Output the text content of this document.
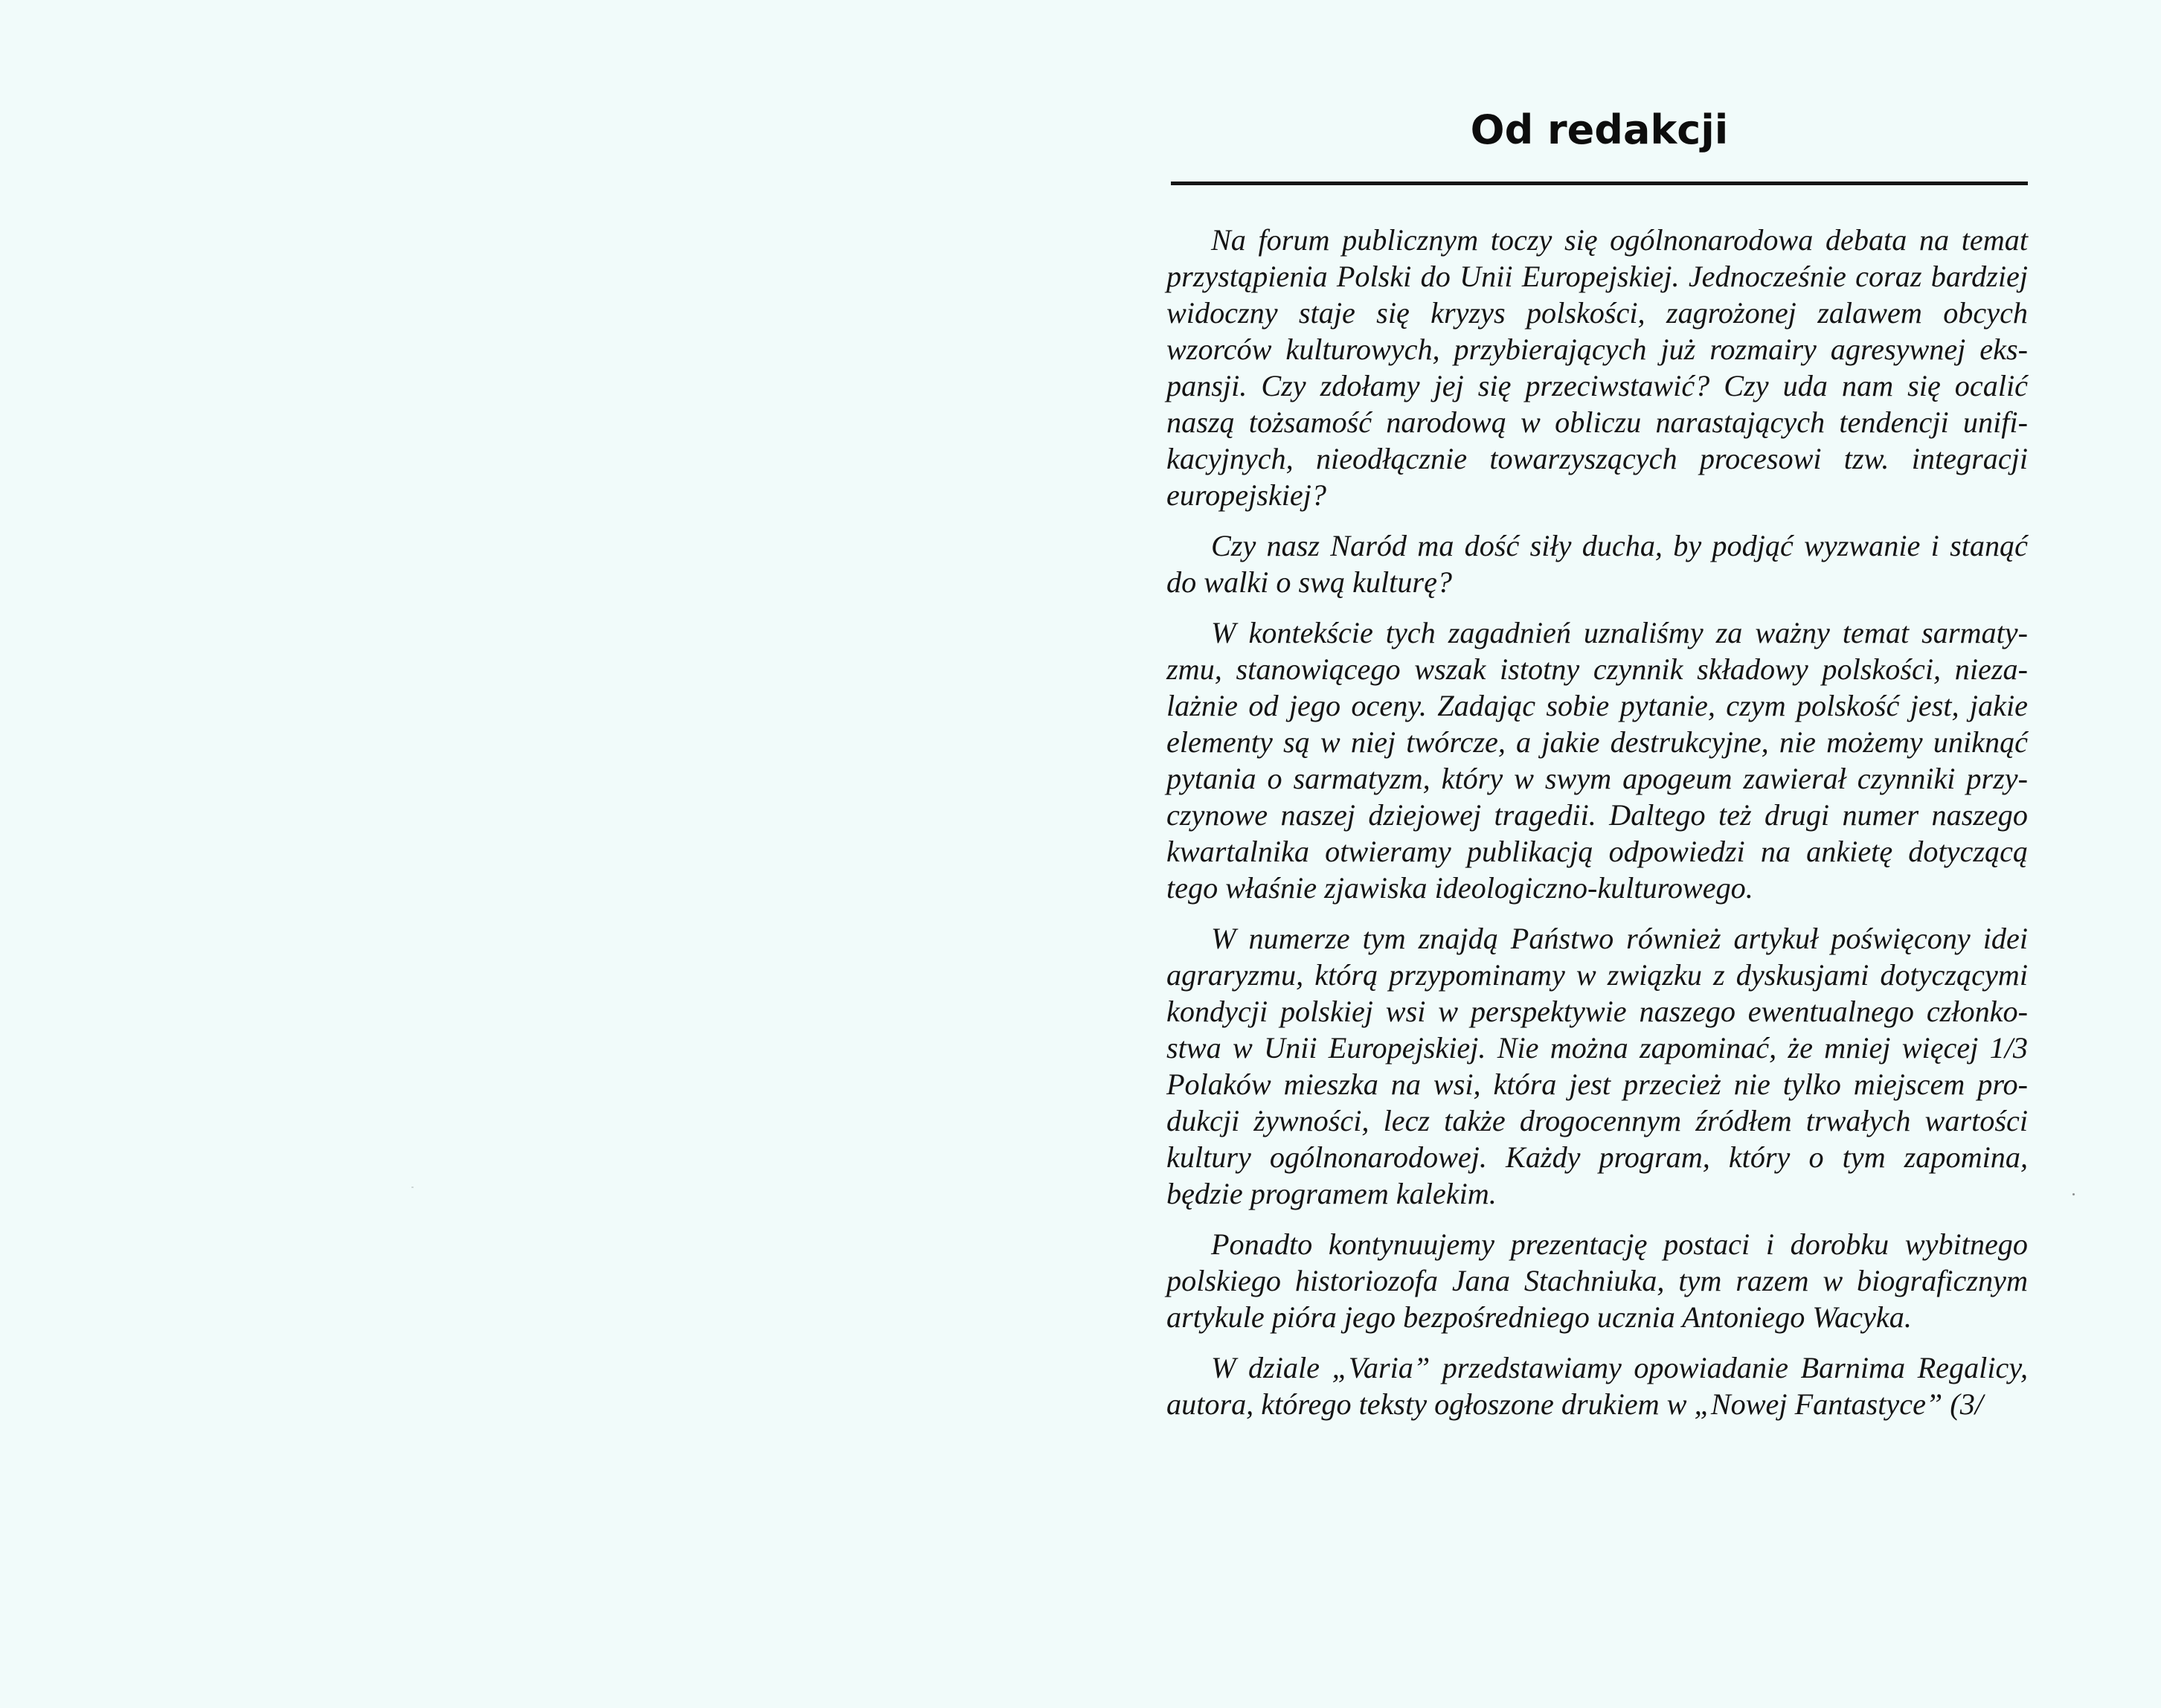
Od redakcji

Na forum publicznym toczy się ogólnonarodowa debata na temat przystąpienia Polski do Unii Europejskiej. Jednocześnie coraz bardziej widoczny staje się kryzys polskości, zagrożonej zalawem obcych wzorców kulturowych, przybierających już rozmairy agresywnej ekspansji. Czy zdołamy jej się przeciwstawić? Czy uda nam się ocalić naszą tożsamość narodową w obliczu narastających tendencji unifikacyjnych, nieodłącznie towarzyszących procesowi tzw. integracji europejskiej?

Czy nasz Naród ma dość siły ducha, by podjąć wyzwanie i stanąć do walki o swą kulturę?

W kontekście tych zagadnień uznaliśmy za ważny temat sarmatyzmu, stanowiącego wszak istotny czynnik składowy polskości, niezalażnie od jego oceny. Zadając sobie pytanie, czym polskość jest, jakie elementy są w niej twórcze, a jakie destrukcyjne, nie możemy uniknąć pytania o sarmatyzm, który w swym apogeum zawierał czynniki przyczynowe naszej dziejowej tragedii. Daltego też drugi numer naszego kwartalnika otwieramy publikacją odpowiedzi na ankietę dotyczącą tego właśnie zjawiska ideologiczno-kulturowego.

W numerze tym znajdą Państwo również artykuł poświęcony idei agraryzmu, którą przypominamy w związku z dyskusjami dotyczącymi kondycji polskiej wsi w perspektywie naszego ewentualnego członkostwa w Unii Europejskiej. Nie można zapominać, że mniej więcej 1/3 Polaków mieszka na wsi, która jest przecież nie tylko miejscem produkcji żywności, lecz także drogocennym źródłem trwałych wartości kultury ogólnonarodowej. Każdy program, który o tym zapomina, będzie programem kalekim.

Ponadto kontynuujemy prezentację postaci i dorobku wybitnego polskiego historiozofa Jana Stachniuka, tym razem w biograficznym artykule pióra jego bezpośredniego ucznia Antoniego Wacyka.

W dziale „Varia” przedstawiamy opowiadanie Barnima Regalicy, autora, którego teksty ogłoszone drukiem w „Nowej Fantastyce” (3/
